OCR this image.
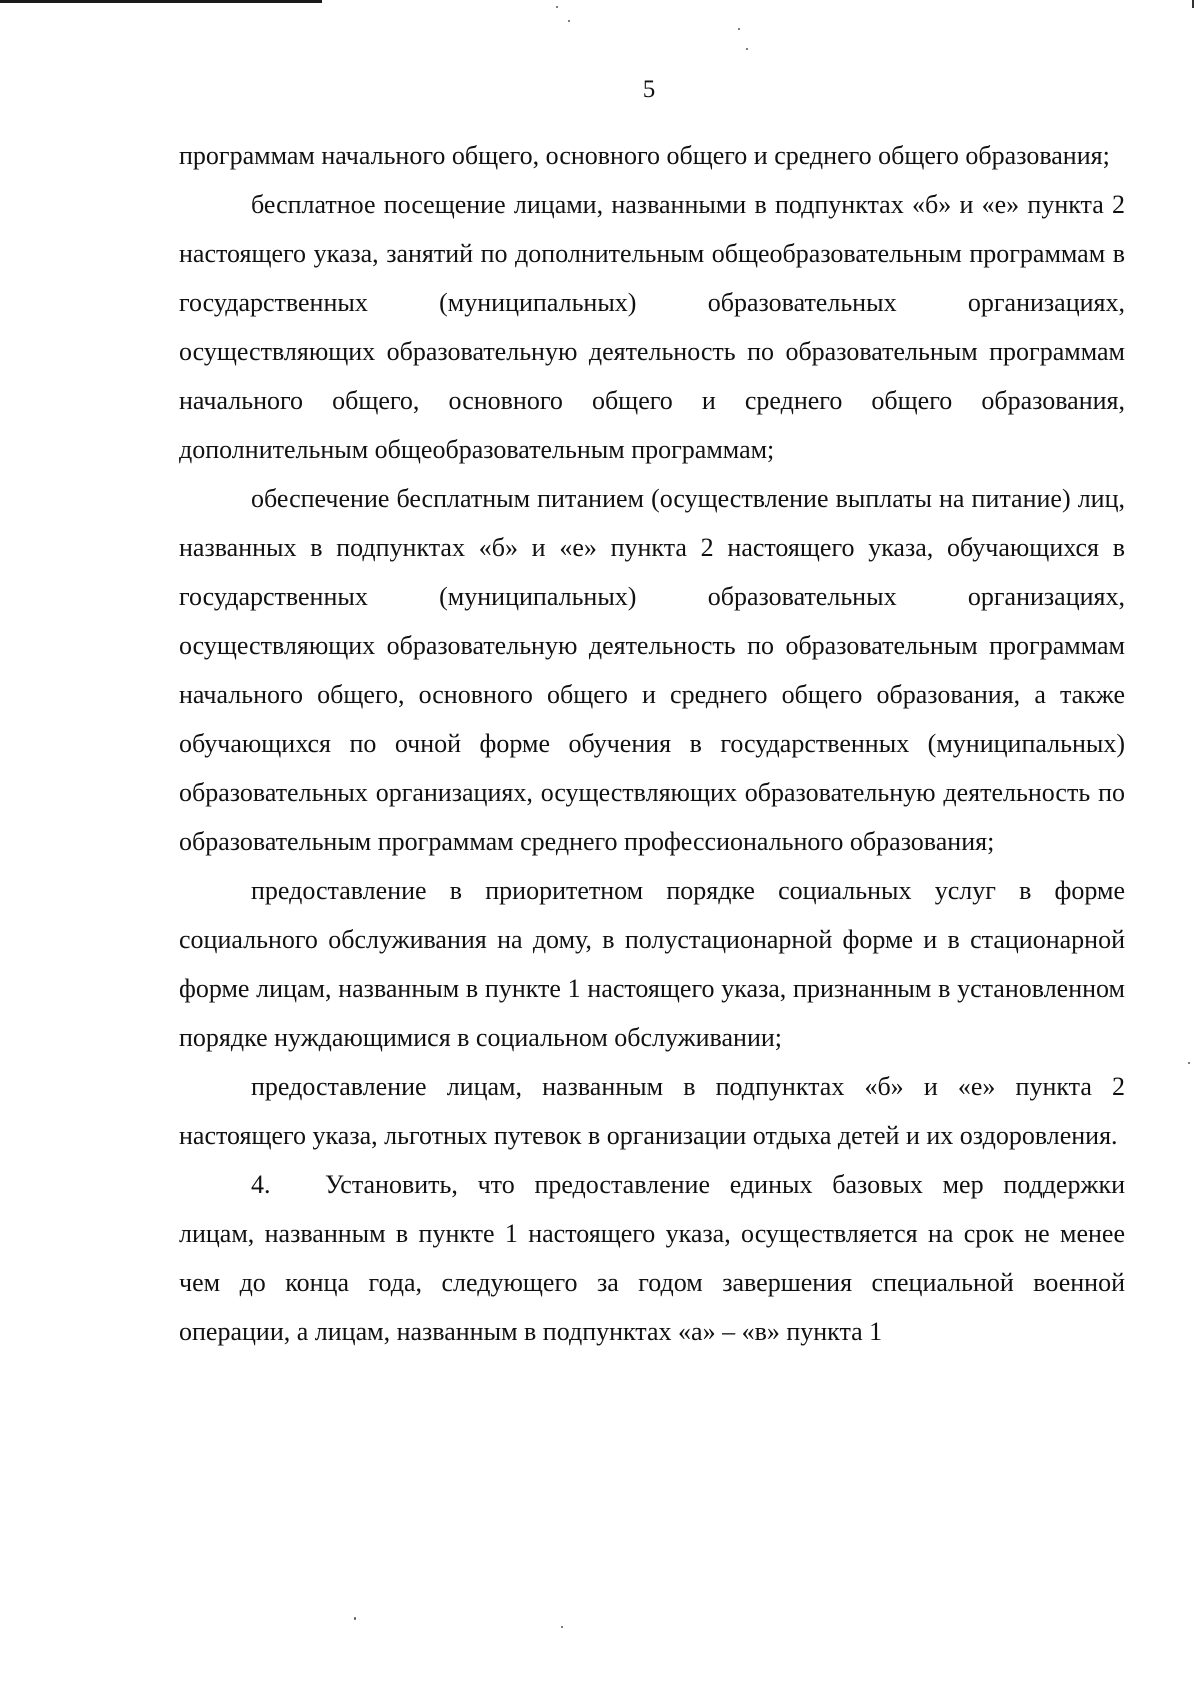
5

программам начального общего, основного общего и среднего общего образования;

бесплатное посещение лицами, названными в подпунктах «б» и «е» пункта 2 настоящего указа, занятий по дополнительным общеобразовательным программам в государственных (муниципальных) образовательных организациях, осуществляющих образовательную деятельность по образовательным программам начального общего, основного общего и среднего общего образования, дополнительным общеобразовательным программам;

обеспечение бесплатным питанием (осуществление выплаты на питание) лиц, названных в подпунктах «б» и «е» пункта 2 настоящего указа, обучающихся в государственных (муниципальных) образовательных организациях, осуществляющих образовательную деятельность по образовательным программам начального общего, основного общего и среднего общего образования, а также обучающихся по очной форме обучения в государственных (муниципальных) образовательных организациях, осуществляющих образовательную деятельность по образовательным программам среднего профессионального образования;

предоставление в приоритетном порядке социальных услуг в форме социального обслуживания на дому, в полустационарной форме и в стационарной форме лицам, названным в пункте 1 настоящего указа, признанным в установленном порядке нуждающимися в социальном обслуживании;

предоставление лицам, названным в подпунктах «б» и «е» пункта 2 настоящего указа, льготных путевок в организации отдыха детей и их оздоровления.

4. Установить, что предоставление единых базовых мер поддержки лицам, названным в пункте 1 настоящего указа, осуществляется на срок не менее чем до конца года, следующего за годом завершения специальной военной операции, а лицам, названным в подпунктах «а» – «в» пункта 1
